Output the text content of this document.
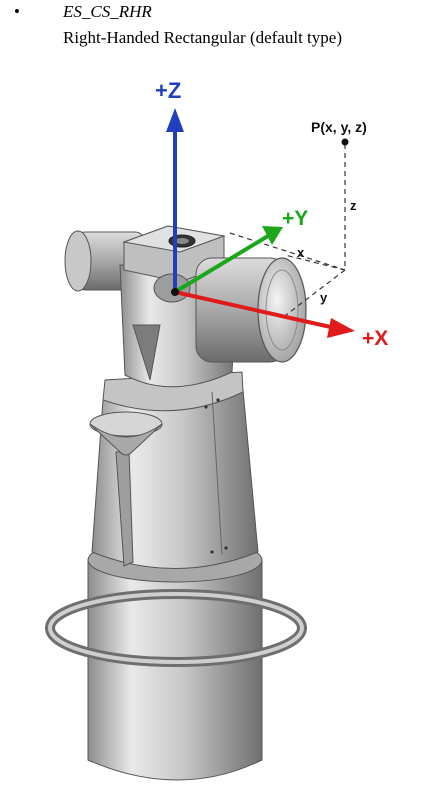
•	ES_CS_RHR
Right-Handed Rectangular (default type)
+Z
+Y
+X
P(x, y, z)
x
y
z
